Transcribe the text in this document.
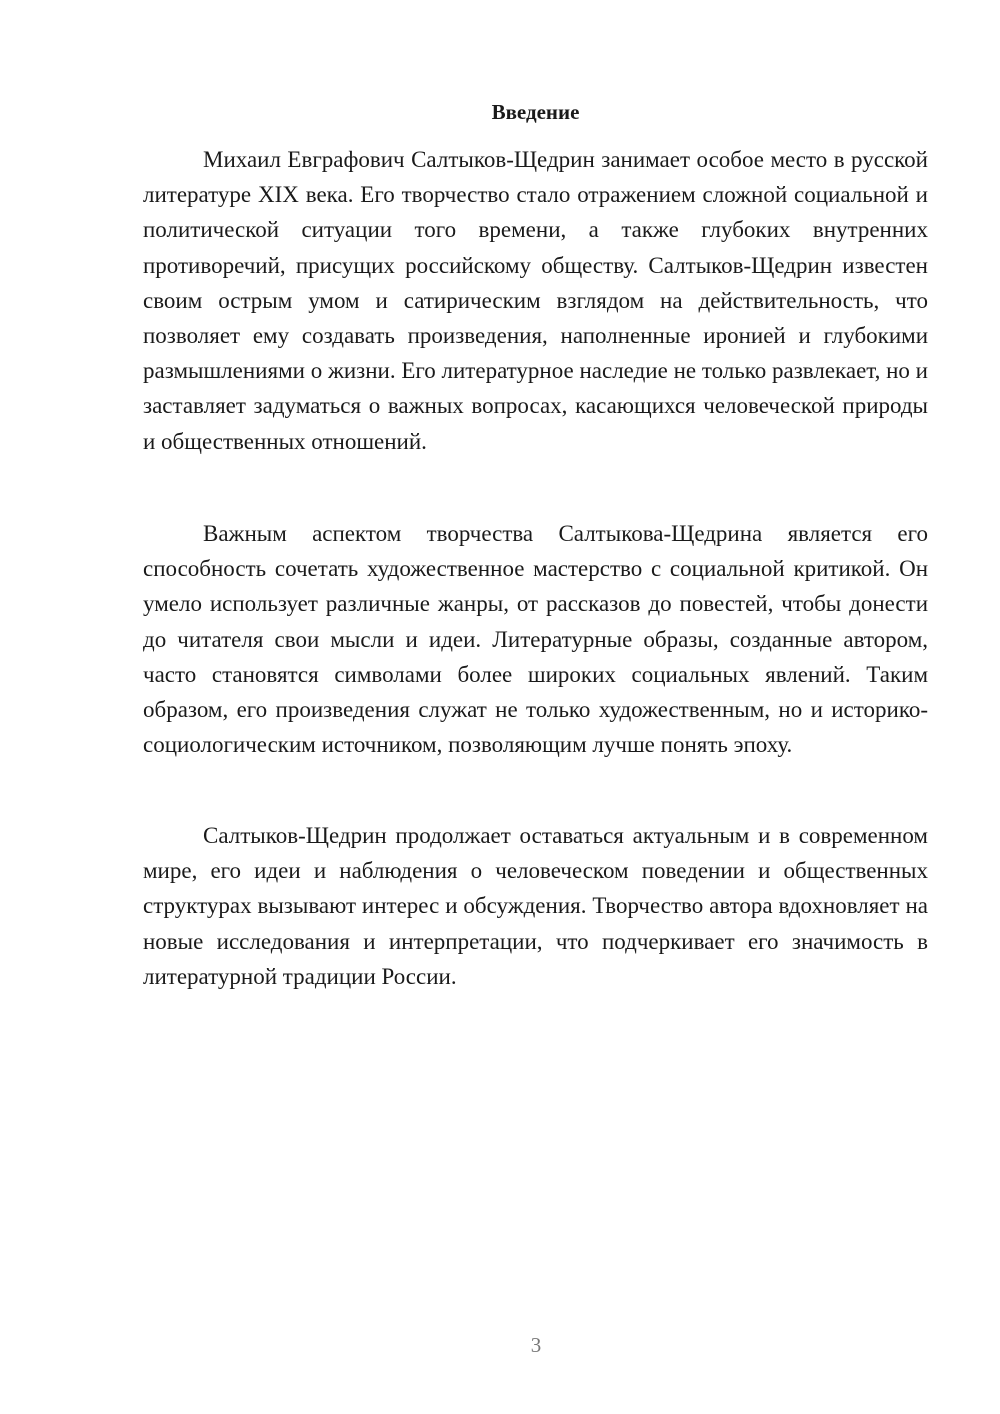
Введение

Михаил Евграфович Салтыков-Щедрин занимает особое место в русской литературе XIX века. Его творчество стало отражением сложной социальной и политической ситуации того времени, а также глубоких внутренних противоречий, присущих российскому обществу. Салтыков-Щедрин известен своим острым умом и сатирическим взглядом на действительность, что позволяет ему создавать произведения, наполненные иронией и глубокими размышлениями о жизни. Его литературное наследие не только развлекает, но и заставляет задуматься о важных вопросах, касающихся человеческой природы и общественных отношений.

Важным аспектом творчества Салтыкова-Щедрина является его способность сочетать художественное мастерство с социальной критикой. Он умело использует различные жанры, от рассказов до повестей, чтобы донести до читателя свои мысли и идеи. Литературные образы, созданные автором, часто становятся символами более широких социальных явлений. Таким образом, его произведения служат не только художественным, но и историко-социологическим источником, позволяющим лучше понять эпоху.

Салтыков-Щедрин продолжает оставаться актуальным и в современном мире, его идеи и наблюдения о человеческом поведении и общественных структурах вызывают интерес и обсуждения. Творчество автора вдохновляет на новые исследования и интерпретации, что подчеркивает его значимость в литературной традиции России.

3
